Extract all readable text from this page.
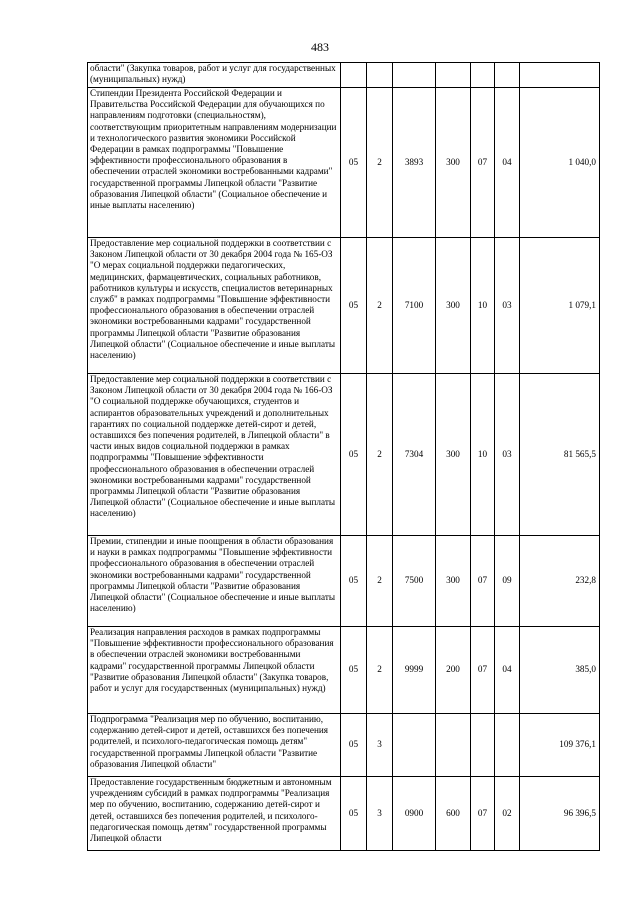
483
области" (Закупка товаров, работ и услуг для государственных (муниципальных) нужд)							
Стипендии Президента Российской Федерации и Правительства Российской Федерации для обучающихся по направлениям подготовки (специальностям), соответствующим приоритетным направлениям модернизации и технологического развития экономики Российской Федерации в рамках подпрограммы "Повышение эффективности профессионального образования в обеспечении отраслей экономики востребованными кадрами" государственной программы Липецкой области "Развитие образования Липецкой области" (Социальное обеспечение и иные выплаты населению)	05	2	3893	300	07	04	1 040,0
Предоставление мер социальной поддержки в соответствии с Законом Липецкой области от 30 декабря 2004 года № 165-ОЗ "О мерах социальной поддержки педагогических, медицинских, фармацевтических, социальных работников, работников культуры и искусств, специалистов ветеринарных служб" в рамках подпрограммы "Повышение эффективности профессионального образования в обеспечении отраслей экономики востребованными кадрами" государственной программы Липецкой области "Развитие образования Липецкой области" (Социальное обеспечение и иные выплаты населению)	05	2	7100	300	10	03	1 079,1
Предоставление мер социальной поддержки в соответствии с Законом Липецкой области от 30 декабря 2004 года № 166-ОЗ "О социальной поддержке обучающихся, студентов и аспирантов образовательных учреждений и дополнительных гарантиях по социальной поддержке детей-сирот и детей, оставшихся без попечения родителей, в Липецкой области" в части иных видов социальной поддержки в рамках подпрограммы "Повышение эффективности профессионального образования в обеспечении отраслей экономики востребованными кадрами" государственной программы Липецкой области "Развитие образования Липецкой области" (Социальное обеспечение и иные выплаты населению)	05	2	7304	300	10	03	81 565,5
Премии, стипендии и иные поощрения в области образования и науки в рамках подпрограммы "Повышение эффективности профессионального образования в обеспечении отраслей экономики востребованными кадрами" государственной программы Липецкой области "Развитие образования Липецкой области" (Социальное обеспечение и иные выплаты населению)	05	2	7500	300	07	09	232,8
Реализация направления расходов в рамках подпрограммы "Повышение эффективности профессионального образования в обеспечении отраслей экономики востребованными кадрами" государственной программы Липецкой области "Развитие образования Липецкой области" (Закупка товаров, работ и услуг для государственных (муниципальных) нужд)	05	2	9999	200	07	04	385,0
Подпрограмма "Реализация мер по обучению, воспитанию, содержанию детей-сирот и детей, оставшихся без попечения родителей, и психолого-педагогическая помощь детям" государственной программы Липецкой области "Развитие образования Липецкой области"	05	3					109 376,1
Предоставление государственным бюджетным и автономным учреждениям субсидий в рамках подпрограммы "Реализация мер по обучению, воспитанию, содержанию детей-сирот и детей, оставшихся без попечения родителей, и психолого-педагогическая помощь детям" государственной программы Липецкой области	05	3	0900	600	07	02	96 396,5
